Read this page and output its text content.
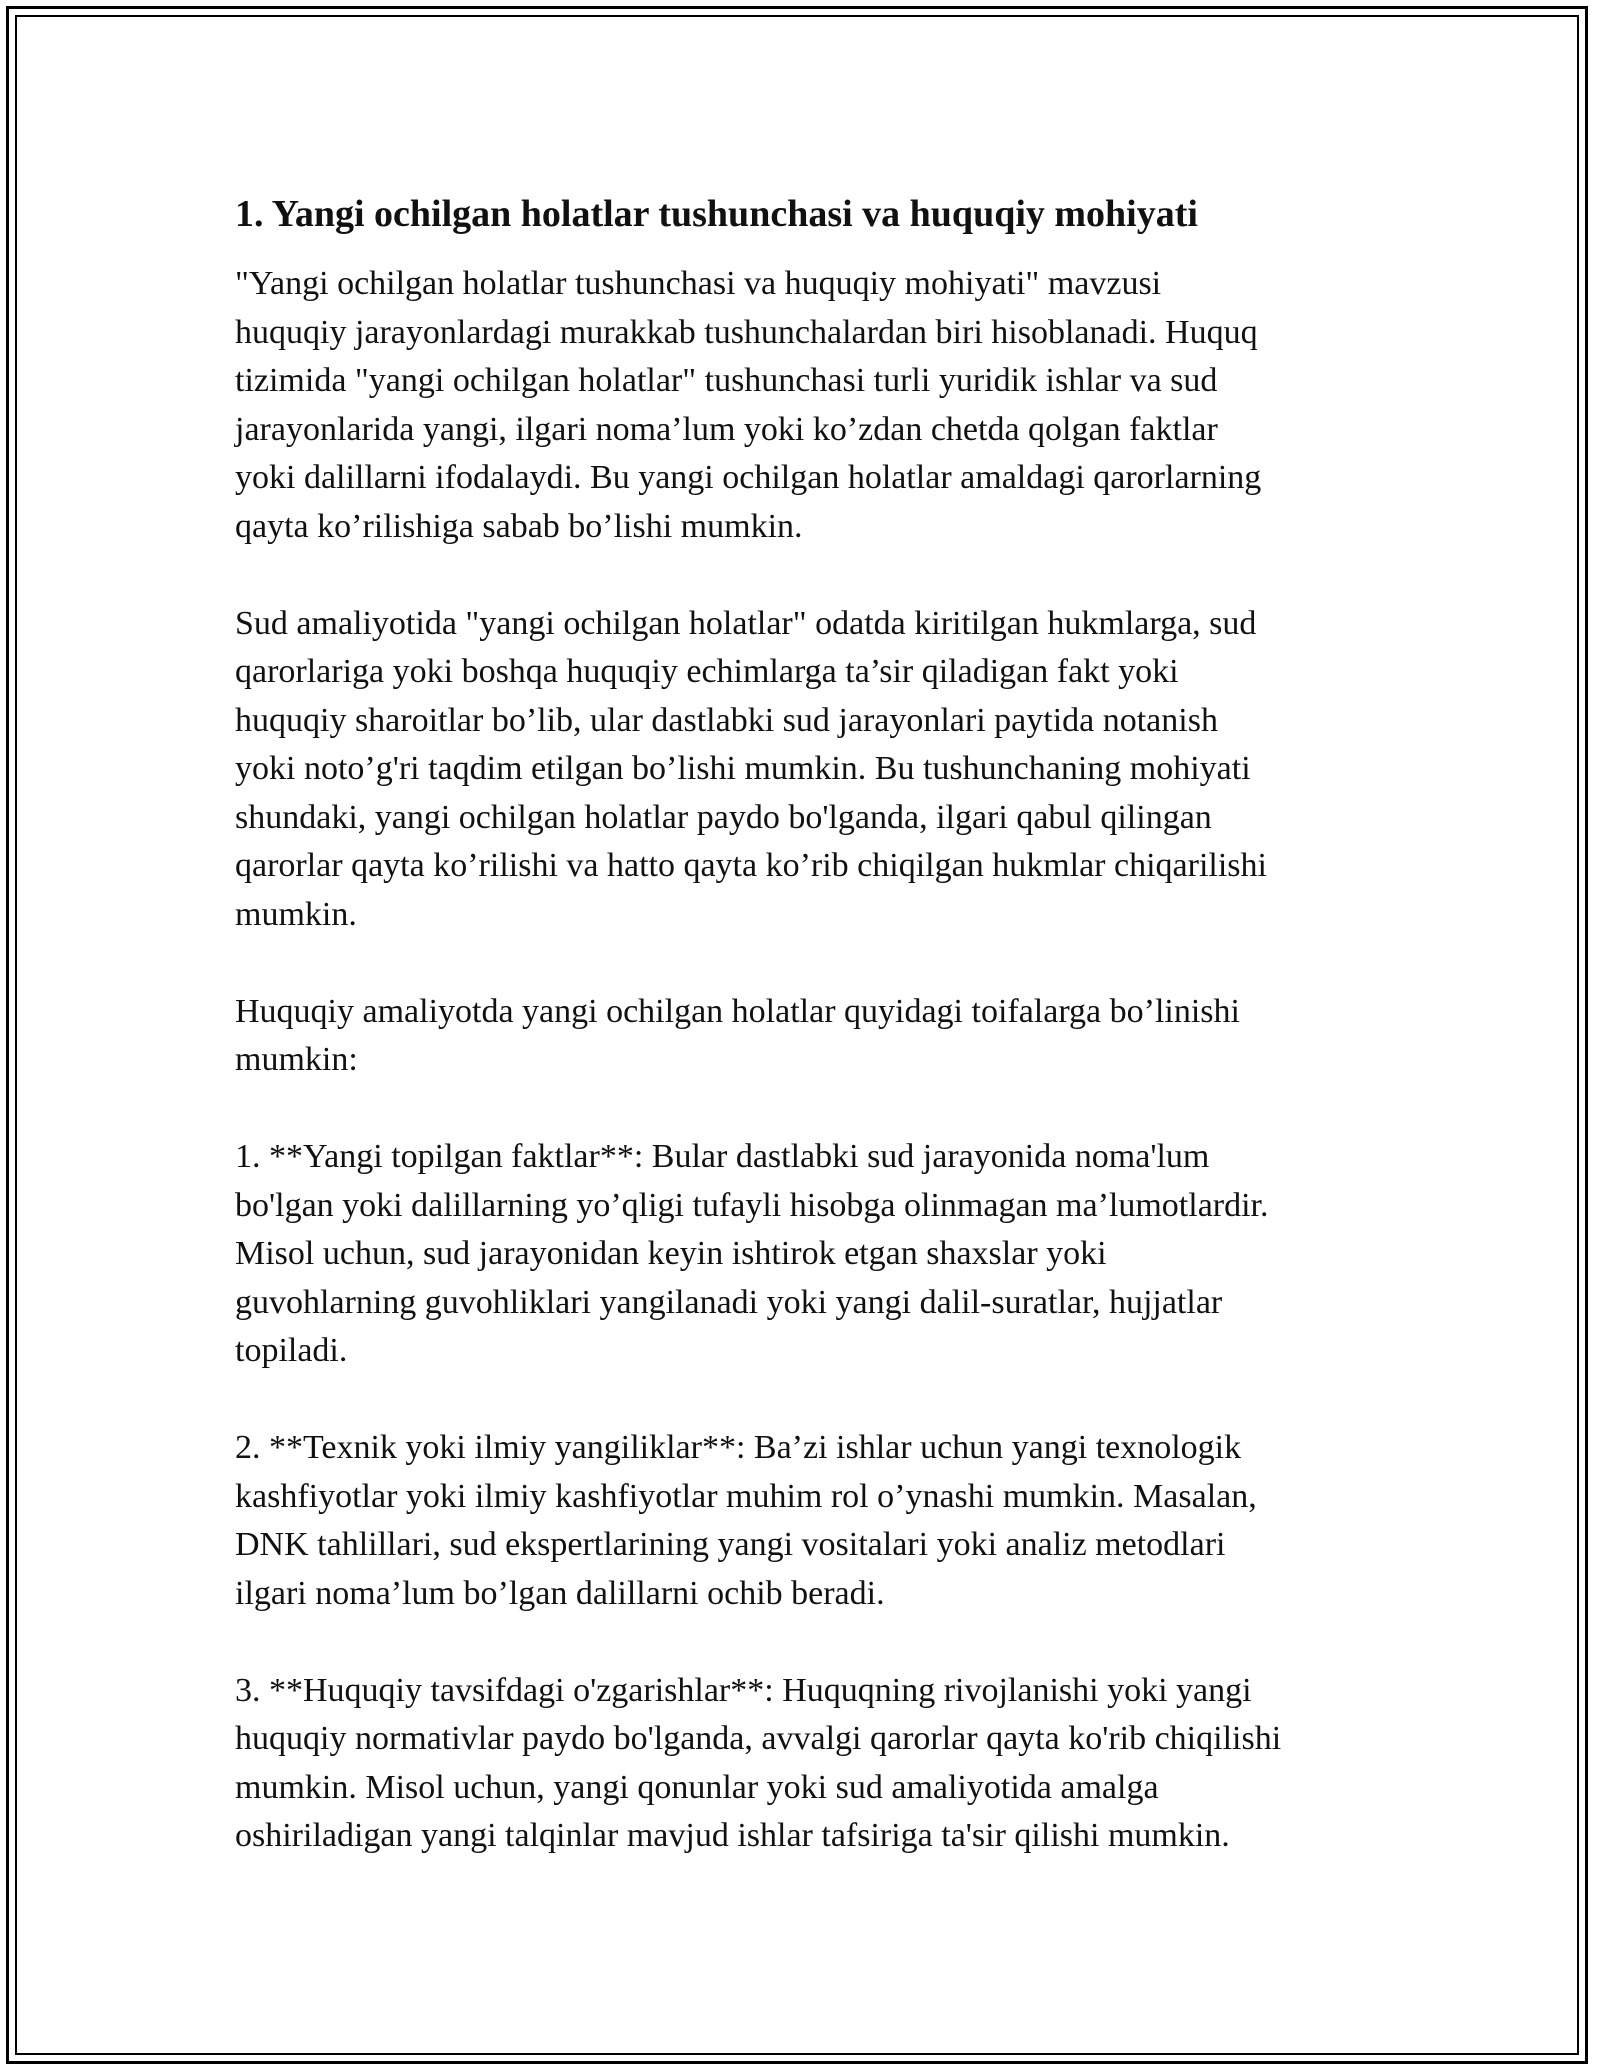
1. Yangi ochilgan holatlar tushunchasi va huquqiy mohiyati

"Yangi ochilgan holatlar tushunchasi va huquqiy mohiyati" mavzusi
huquqiy jarayonlardagi murakkab tushunchalardan biri hisoblanadi. Huquq
tizimida "yangi ochilgan holatlar" tushunchasi turli yuridik ishlar va sud
jarayonlarida yangi, ilgari noma’lum yoki ko’zdan chetda qolgan faktlar
yoki dalillarni ifodalaydi. Bu yangi ochilgan holatlar amaldagi qarorlarning
qayta ko’rilishiga sabab bo’lishi mumkin.

Sud amaliyotida "yangi ochilgan holatlar" odatda kiritilgan hukmlarga, sud
qarorlariga yoki boshqa huquqiy echimlarga ta’sir qiladigan fakt yoki
huquqiy sharoitlar bo’lib, ular dastlabki sud jarayonlari paytida notanish
yoki noto’g'ri taqdim etilgan bo’lishi mumkin. Bu tushunchaning mohiyati
shundaki, yangi ochilgan holatlar paydo bo'lganda, ilgari qabul qilingan
qarorlar qayta ko’rilishi va hatto qayta ko’rib chiqilgan hukmlar chiqarilishi
mumkin.

Huquqiy amaliyotda yangi ochilgan holatlar quyidagi toifalarga bo’linishi
mumkin:

1. **Yangi topilgan faktlar**: Bular dastlabki sud jarayonida noma'lum
bo'lgan yoki dalillarning yo’qligi tufayli hisobga olinmagan ma’lumotlardir.
Misol uchun, sud jarayonidan keyin ishtirok etgan shaxslar yoki
guvohlarning guvohliklari yangilanadi yoki yangi dalil-suratlar, hujjatlar
topiladi.

2. **Texnik yoki ilmiy yangiliklar**: Ba’zi ishlar uchun yangi texnologik
kashfiyotlar yoki ilmiy kashfiyotlar muhim rol o’ynashi mumkin. Masalan,
DNK tahlillari, sud ekspertlarining yangi vositalari yoki analiz metodlari
ilgari noma’lum bo’lgan dalillarni ochib beradi.

3. **Huquqiy tavsifdagi o'zgarishlar**: Huquqning rivojlanishi yoki yangi
huquqiy normativlar paydo bo'lganda, avvalgi qarorlar qayta ko'rib chiqilishi
mumkin. Misol uchun, yangi qonunlar yoki sud amaliyotida amalga
oshiriladigan yangi talqinlar mavjud ishlar tafsiriga ta'sir qilishi mumkin.
